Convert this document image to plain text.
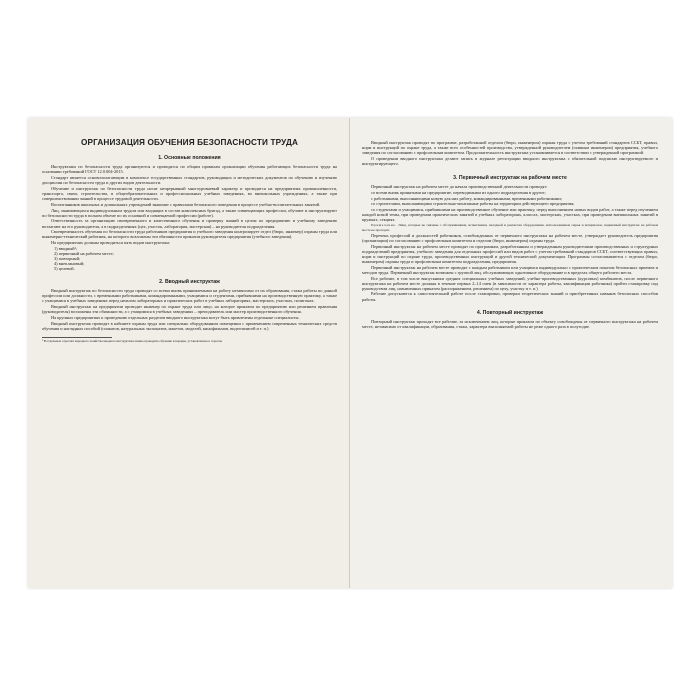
ОРГАНИЗАЦИЯ ОБУЧЕНИЯ БЕЗОПАСНОСТИ ТРУДА
1. Основные положения
Инструктажи по безопасности труда организуются и проводятся по общим правилам организации обучения работающих безопасности труда на основании требований ГОСТ 12.0.004-2015.
Стандарт является основополагающим в комплексе государственных стандартов, руководящих и методических документов по обучению и изучению дисциплин по безопасности труда и других видов деятельности.
Обучение и инструктаж по безопасности труда носят непрерывный многоуровневый характер и проводятся на предприятиях промышленности, транспорта, связи, строительства, в общеобразовательных и профессиональных учебных заведениях, во внешкольных учреждениях, а также при совершенствовании знаний в процессе трудовой деятельности.
Воспитанников школьных и дошкольных учреждений знакомят с правилами безопасного поведения в процессе учебно-воспитательных занятий.
Лиц, занимающихся индивидуальным трудом или входящих в состав комплексных бригад, а также совмещающих профессии, обучают и инструктируют по безопасности труда в полном объеме по их основной и совмещаемой профессии (работе).
Ответственность за организацию своевременного и качественного обучения и проверку знаний в целом по предприятию и учебному заведению возлагают на его руководителя, а в подразделениях (цех, участок, лаборатория, мастерская) – на руководителя подразделения.
Своевременность обучения по безопасности труда работников предприятия и учебного заведения контролирует отдел (бюро, инженер) охраны труда или инженерно-технический работник, на которого возложены эти обязанности приказом руководителя предприятия (учебного заведения).
На предприятиях должны проводиться пять видов инструктажа:
1) вводный¹;
2) первичный на рабочем месте;
3) повторный;
4) внеплановый;
5) целевой.
2. Вводный инструктаж
Вводный инструктаж по безопасности труда проводят со всеми вновь принимаемыми на работу независимо от их образования, стажа работы по данной профессии или должности, с временными работниками, командированными, учащимися и студентами, прибывшими на производственную практику, а также с учащимися в учебных заведениях перед началом лабораторных и практических работ в учебных лабораториях, мастерских, участках, полигонах.
Вводный инструктаж на предприятии проводит инженер по охране труда или лицо, на которое приказом по предприятию или решением правления (руководителя) возложены эти обязанности, а с учащимися в учебных заведениях – преподаватель или мастер производственного обучения.
На крупных предприятиях к проведению отдельных разделов вводного инструктажа могут быть привлечены отдельные специалисты.
Вводный инструктаж проводят в кабинете охраны труда или специально оборудованном помещении с применением современных технических средств обучения и наглядных пособий (плакатов, натуральных экспонатов, макетов, моделей, кинофильмов, видеозаписей и т. п.)
¹ В отдельных отраслях народного хозяйства вводного инструктажа можно проводить обучение и порядке, установленное в отрасли.
Вводный инструктаж проводят по программе, разработанной отделом (бюро, инженером) охраны труда с учетом требований стандартов ССБТ, правил, норм и инструкций по охране труда, а также всех особенностей производства, утвержденной руководителем (главным инженером) предприятия, учебного заведения по согласованию с профсоюзным комитетом. Продолжительность инструктажа устанавливается в соответствии с утвержденной программой.
О проведении вводного инструктажа делают запись в журнале регистрации вводного инструктажа с обязательной подписью инструктируемого и инструктирующего.
3. Первичный инструктаж на рабочем месте
Первичный инструктаж на рабочем месте до начала производственной деятельности проводят:
со всеми вновь принятыми на предприятие, переводимыми из одного подразделения в другое;
с работниками, выполняющими новую для них работу, командированными, временными работниками;
со строителями, выполняющими строительно-монтажные работы на территории действующего предприятия;
со студентами и учащимися, прибывшими на производственное обучение или практику, перед выполнением новых видов работ, а также перед изучением каждой новой темы, при проведении практических занятий в учебных лабораториях, классах, мастерских, участках, при проведении внешкольных занятий в кружках, секциях.
Примечание. Лица, которые не связаны с обслуживанием, испытанием, наладкой и ремонтом оборудования, использованием сырья и материалов, первичный инструктаж на рабочем месте не проходят.
Перечень профессий и должностей работников, освобожденных от первичного инструктажа на рабочем месте, утверждает руководитель предприятия (организации) по согласованию с профсоюзным комитетом и отделом (бюро, инженером) охраны труда.
Первичный инструктаж на рабочем месте проводят по программам, разработанным и утвержденным руководителями производственных и структурных подразделений предприятия, учебного заведения для отдельных профессий или видов работ с учетом требований стандартов ССБТ, соответствующих правил, норм и инструкций по охране труда, производственных инструкций и другой технической документации. Программы согласовываются с отделом (бюро, инженером) охраны труда и профсоюзным комитетом подразделения, предприятия.
Первичный инструктаж на рабочем месте проводят с каждым работником или учащимся индивидуально с практическим показом безопасных приемов и методов труда. Первичный инструктаж возможен с группой лиц, обслуживающих однотипное оборудование и в пределах общего рабочего места.
Все рабочие, в том числе выпускники средних специальных учебных заведений, учебно-производственных (курсовых) комбинатов, после первичного инструктажа на рабочем месте должны в течение первых 2–14 смен (в зависимости от характера работы, квалификации работника) пройти стажировку под руководством лиц, назначенных приказом (распоряжением, решением) по цеху, участку и т. п.)
Рабочие допускаются к самостоятельной работе после стажировки, проверки теоретических знаний и приобретенных навыков безопасных способов работы.
4. Повторный инструктаж
Повторный инструктаж проходят все рабочие, за исключением лиц, которые приказом по объекту освобождены от первичного инструктажа на рабочем месте, независимо от квалификации, образования, стажа, характера выполняемой работы не реже одного раза в полугодие.
